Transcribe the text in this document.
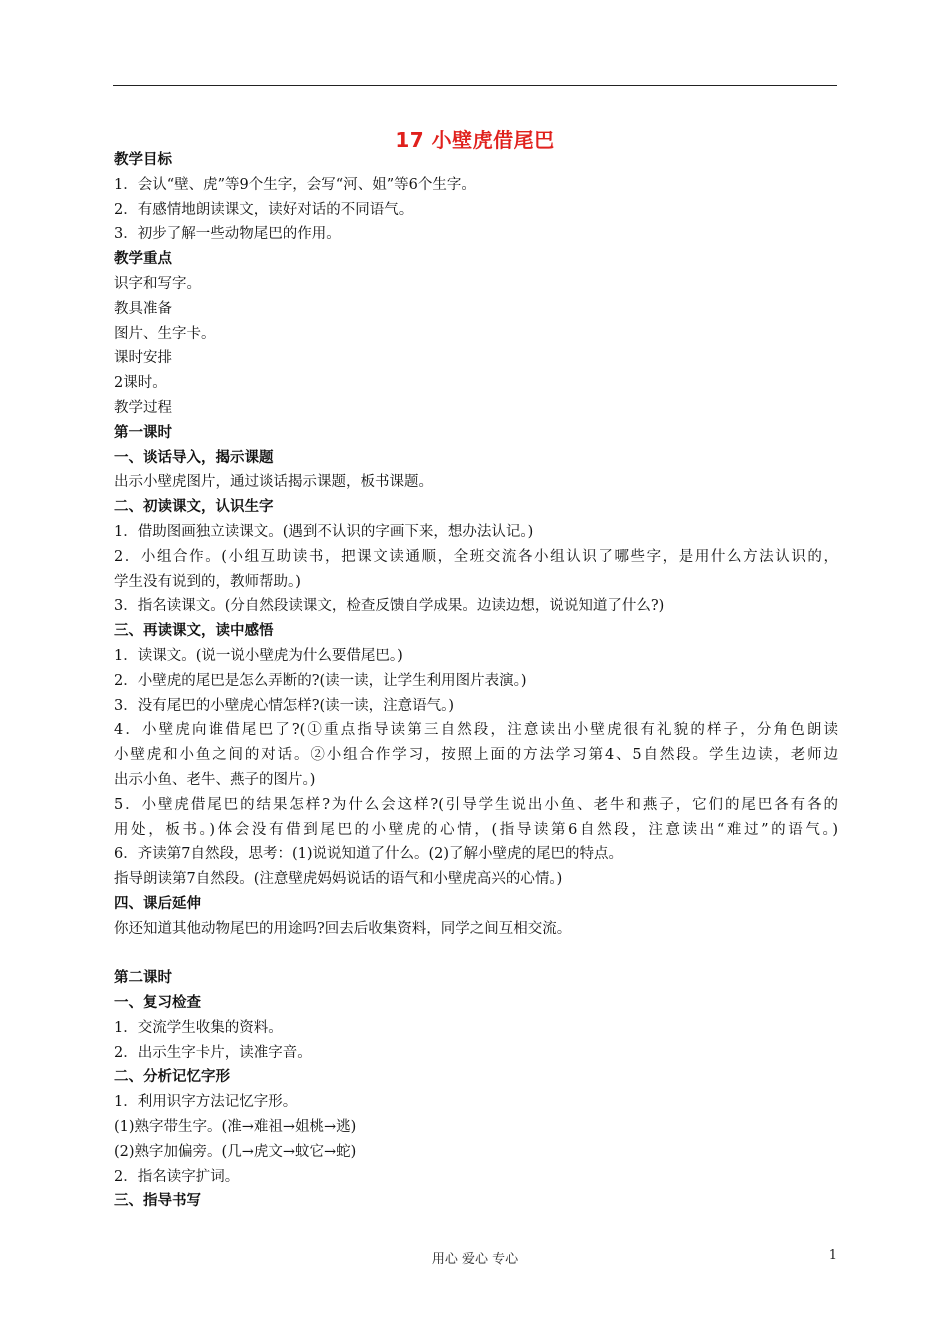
17 小壁虎借尾巴
教学目标
1．会认“壁、虎”等9个生字，会写“河、姐”等6个生字。
2．有感情地朗读课文，读好对话的不同语气。
3．初步了解一些动物尾巴的作用。
教学重点
识字和写字。
教具准备
图片、生字卡。
课时安排
2课时。
教学过程
第一课时
一、谈话导入，揭示课题
出示小壁虎图片，通过谈话揭示课题，板书课题。
二、初读课文，认识生字
1．借助图画独立读课文。(遇到不认识的字画下来，想办法认记。)
2．小组合作。(小组互助读书，把课文读通顺，全班交流各小组认识了哪些字，是用什么方法认识的，
学生没有说到的，教师帮助。)
3．指名读课文。(分自然段读课文，检查反馈自学成果。边读边想，说说知道了什么?)
三、再读课文，读中感悟
1．读课文。(说一说小壁虎为什么要借尾巴。)
2．小壁虎的尾巴是怎么弄断的?(读一读，让学生利用图片表演。)
3．没有尾巴的小壁虎心情怎样?(读一读，注意语气。)
4．小壁虎向谁借尾巴了?(①重点指导读第三自然段，注意读出小壁虎很有礼貌的样子，分角色朗读
小壁虎和小鱼之间的对话。②小组合作学习，按照上面的方法学习第4、5自然段。学生边读，老师边
出示小鱼、老牛、燕子的图片。)
5．小壁虎借尾巴的结果怎样?为什么会这样?(引导学生说出小鱼、老牛和燕子，它们的尾巴各有各的
用处，板书。)体会没有借到尾巴的小壁虎的心情，(指导读第6自然段，注意读出“难过”的语气。)
6．齐读第7自然段，思考：(1)说说知道了什么。(2)了解小壁虎的尾巴的特点。
指导朗读第7自然段。(注意壁虎妈妈说话的语气和小壁虎高兴的心情。)
四、课后延伸
你还知道其他动物尾巴的用途吗?回去后收集资料，同学之间互相交流。
第二课时
一、复习检查
1．交流学生收集的资料。
2．出示生字卡片，读准字音。
二、分析记忆字形
1．利用识字方法记忆字形。
(1)熟字带生字。(准→难祖→姐桃→逃)
(2)熟字加偏旁。(几→虎文→蚊它→蛇)
2．指名读字扩词。
三、指导书写
用心 爱心 专心	1
